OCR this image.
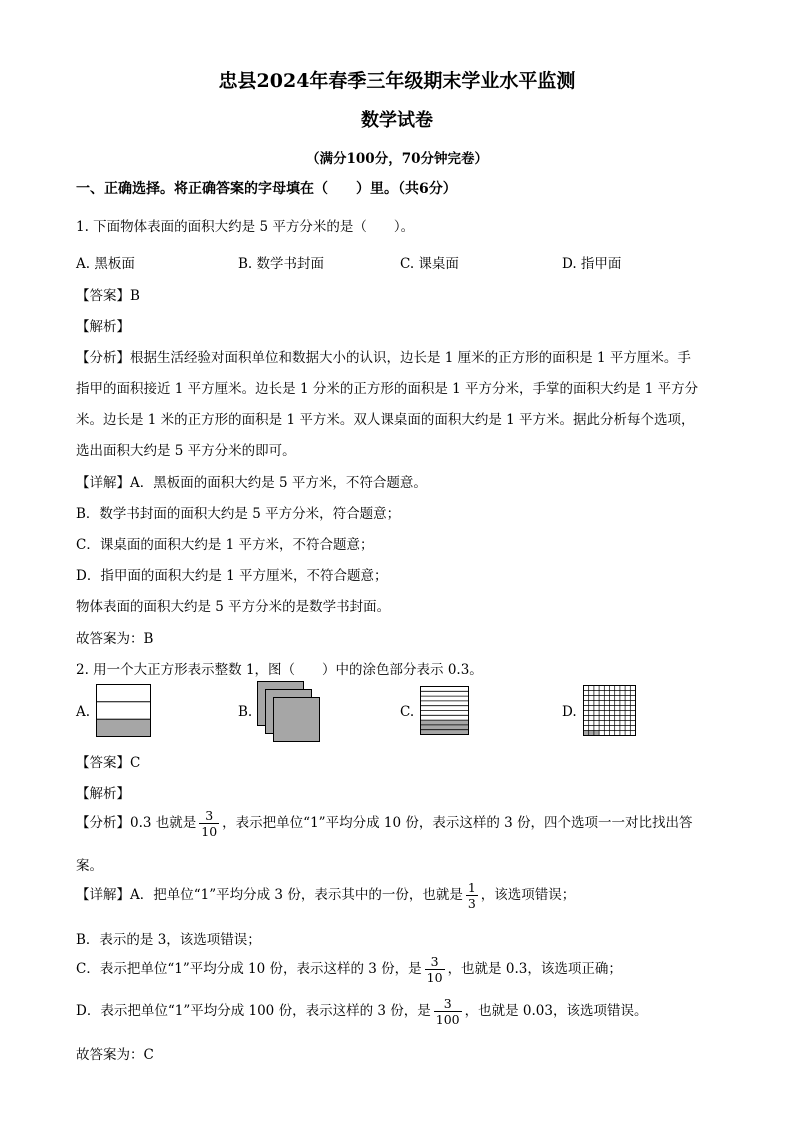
忠县2024年春季三年级期末学业水平监测
数学试卷
（满分100分，70分钟完卷）
一、正确选择。将正确答案的字母填在（　　）里。（共6分）
1. 下面物体表面的面积大约是 5 平方分米的是（　　）。
A. 黑板面	B. 数学书封面	C. 课桌面	D. 指甲面
【答案】B
【解析】
【分析】根据生活经验对面积单位和数据大小的认识，边长是 1 厘米的正方形的面积是 1 平方厘米。手
指甲的面积接近 1 平方厘米。边长是 1 分米的正方形的面积是 1 平方分米，手掌的面积大约是 1 平方分
米。边长是 1 米的正方形的面积是 1 平方米。双人课桌面的面积大约是 1 平方米。据此分析每个选项，
选出面积大约是 5 平方分米的即可。
【详解】A．黑板面的面积大约是 5 平方米，不符合题意。
B．数学书封面的面积大约是 5 平方分米，符合题意；
C．课桌面的面积大约是 1 平方米，不符合题意；
D．指甲面的面积大约是 1 平方厘米，不符合题意；
物体表面的面积大约是 5 平方分米的是数学书封面。
故答案为：B
2. 用一个大正方形表示整数 1，图（　　）中的涂色部分表示 0.3。
A.	B.	C.	D.
【答案】C
【解析】
【分析】0.3 也就是 $\frac{3}{10}$ ，表示把单位“1”平均分成 10 份，表示这样的 3 份，四个选项一一对比找出答
案。
【详解】A．把单位“1”平均分成 3 份，表示其中的一份，也就是 $\frac{1}{3}$ ，该选项错误；
B．表示的是 3，该选项错误；
C．表示把单位“1”平均分成 10 份，表示这样的 3 份，是 $\frac{3}{10}$ ，也就是 0.3，该选项正确；
D．表示把单位“1”平均分成 100 份，表示这样的 3 份，是 $\frac{3}{100}$ ，也就是 0.03，该选项错误。
故答案为：C
